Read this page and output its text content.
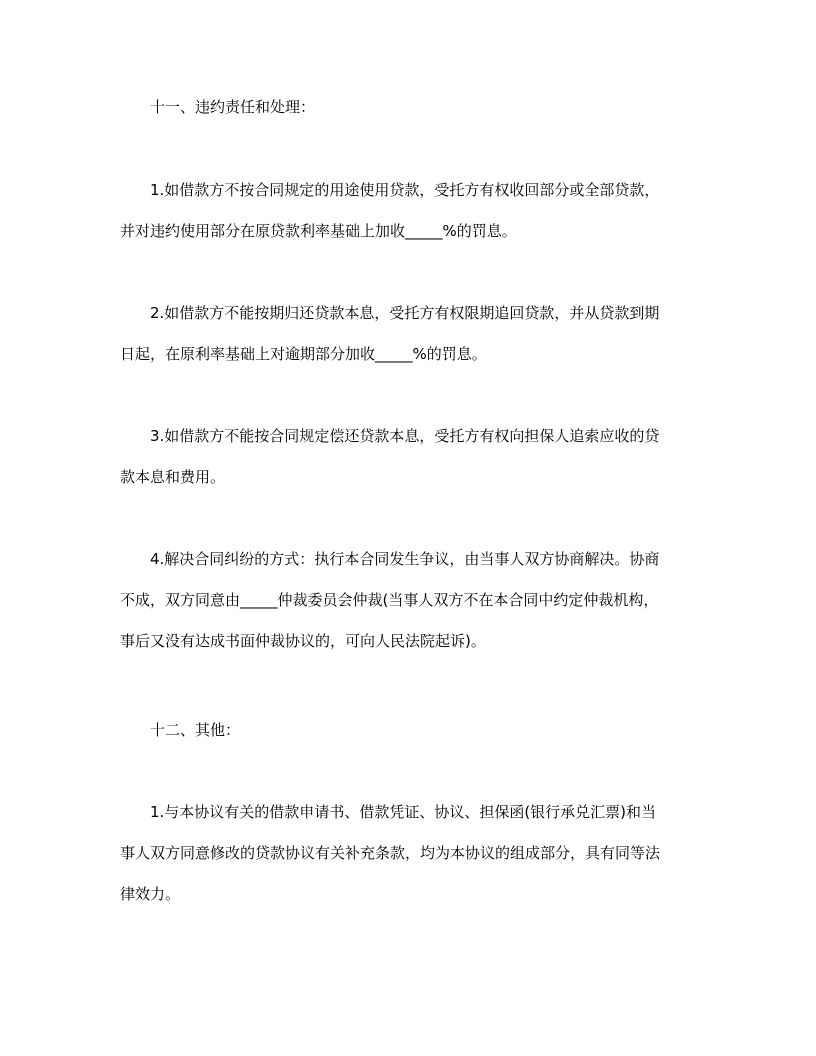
十一、违约责任和处理：
1.如借款方不按合同规定的用途使用贷款，受托方有权收回部分或全部贷款，
并对违约使用部分在原贷款利率基础上加收_____%的罚息。
2.如借款方不能按期归还贷款本息，受托方有权限期追回贷款，并从贷款到期
日起，在原利率基础上对逾期部分加收_____%的罚息。
3.如借款方不能按合同规定偿还贷款本息，受托方有权向担保人追索应收的贷
款本息和费用。
4.解决合同纠纷的方式：执行本合同发生争议，由当事人双方协商解决。协商
不成，双方同意由_____仲裁委员会仲裁(当事人双方不在本合同中约定仲裁机构，
事后又没有达成书面仲裁协议的，可向人民法院起诉)。
十二、其他：
1.与本协议有关的借款申请书、借款凭证、协议、担保函(银行承兑汇票)和当
事人双方同意修改的贷款协议有关补充条款，均为本协议的组成部分，具有同等法
律效力。
